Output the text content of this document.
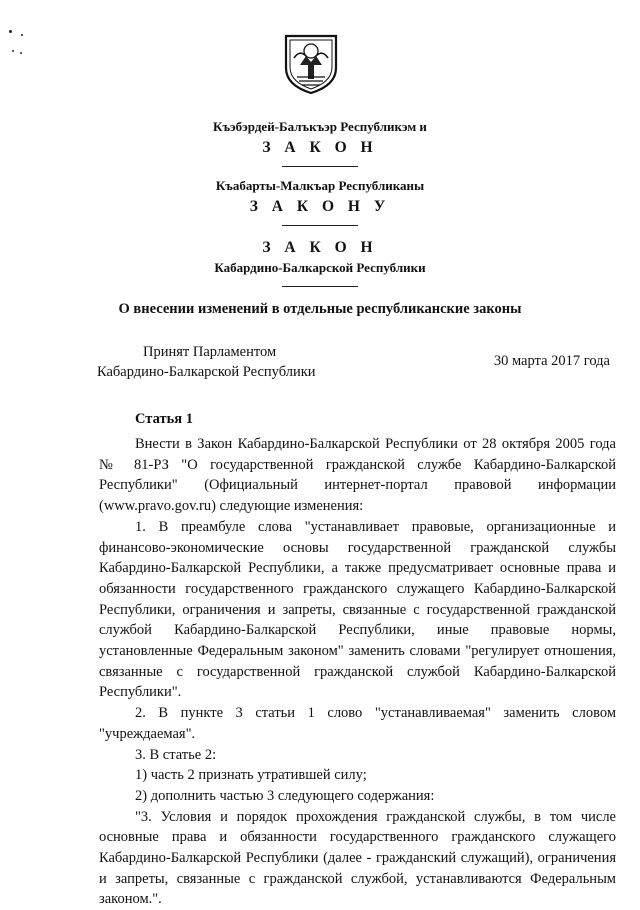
Къэбэрдей-Балъкъэр Республикэм и
З А К О Н
Къабарты-Малкъар Республиканы
З А К О Н У
З А К О Н
Кабардино-Балкарской Республики
О внесении изменений в отдельные республиканские законы
Принят Парламентом
Кабардино-Балкарской Республики
30 марта 2017 года
Статья 1

Внести в Закон Кабардино-Балкарской Республики от 28 октября 2005 года № 81-РЗ "О государственной гражданской службе Кабардино-Балкарской Республики" (Официальный интернет-портал правовой информации (www.pravo.gov.ru) следующие изменения:

1. В преамбуле слова "устанавливает правовые, организационные и финансово-экономические основы государственной гражданской службы Кабардино-Балкарской Республики, а также предусматривает основные права и обязанности государственного гражданского служащего Кабардино-Балкарской Республики, ограничения и запреты, связанные с государственной гражданской службой Кабардино-Балкарской Республики, иные правовые нормы, установленные Федеральным законом" заменить словами "регулирует отношения, связанные с государственной гражданской службой Кабардино-Балкарской Республики".

2. В пункте 3 статьи 1 слово "устанавливаемая" заменить словом "учреждаемая".

3. В статье 2:

1) часть 2 признать утратившей силу;

2) дополнить частью 3 следующего содержания:

"3. Условия и порядок прохождения гражданской службы, в том числе основные права и обязанности государственного гражданского служащего Кабардино-Балкарской Республики (далее - гражданский служащий), ограничения и запреты, связанные с гражданской службой, устанавливаются Федеральным законом.".
